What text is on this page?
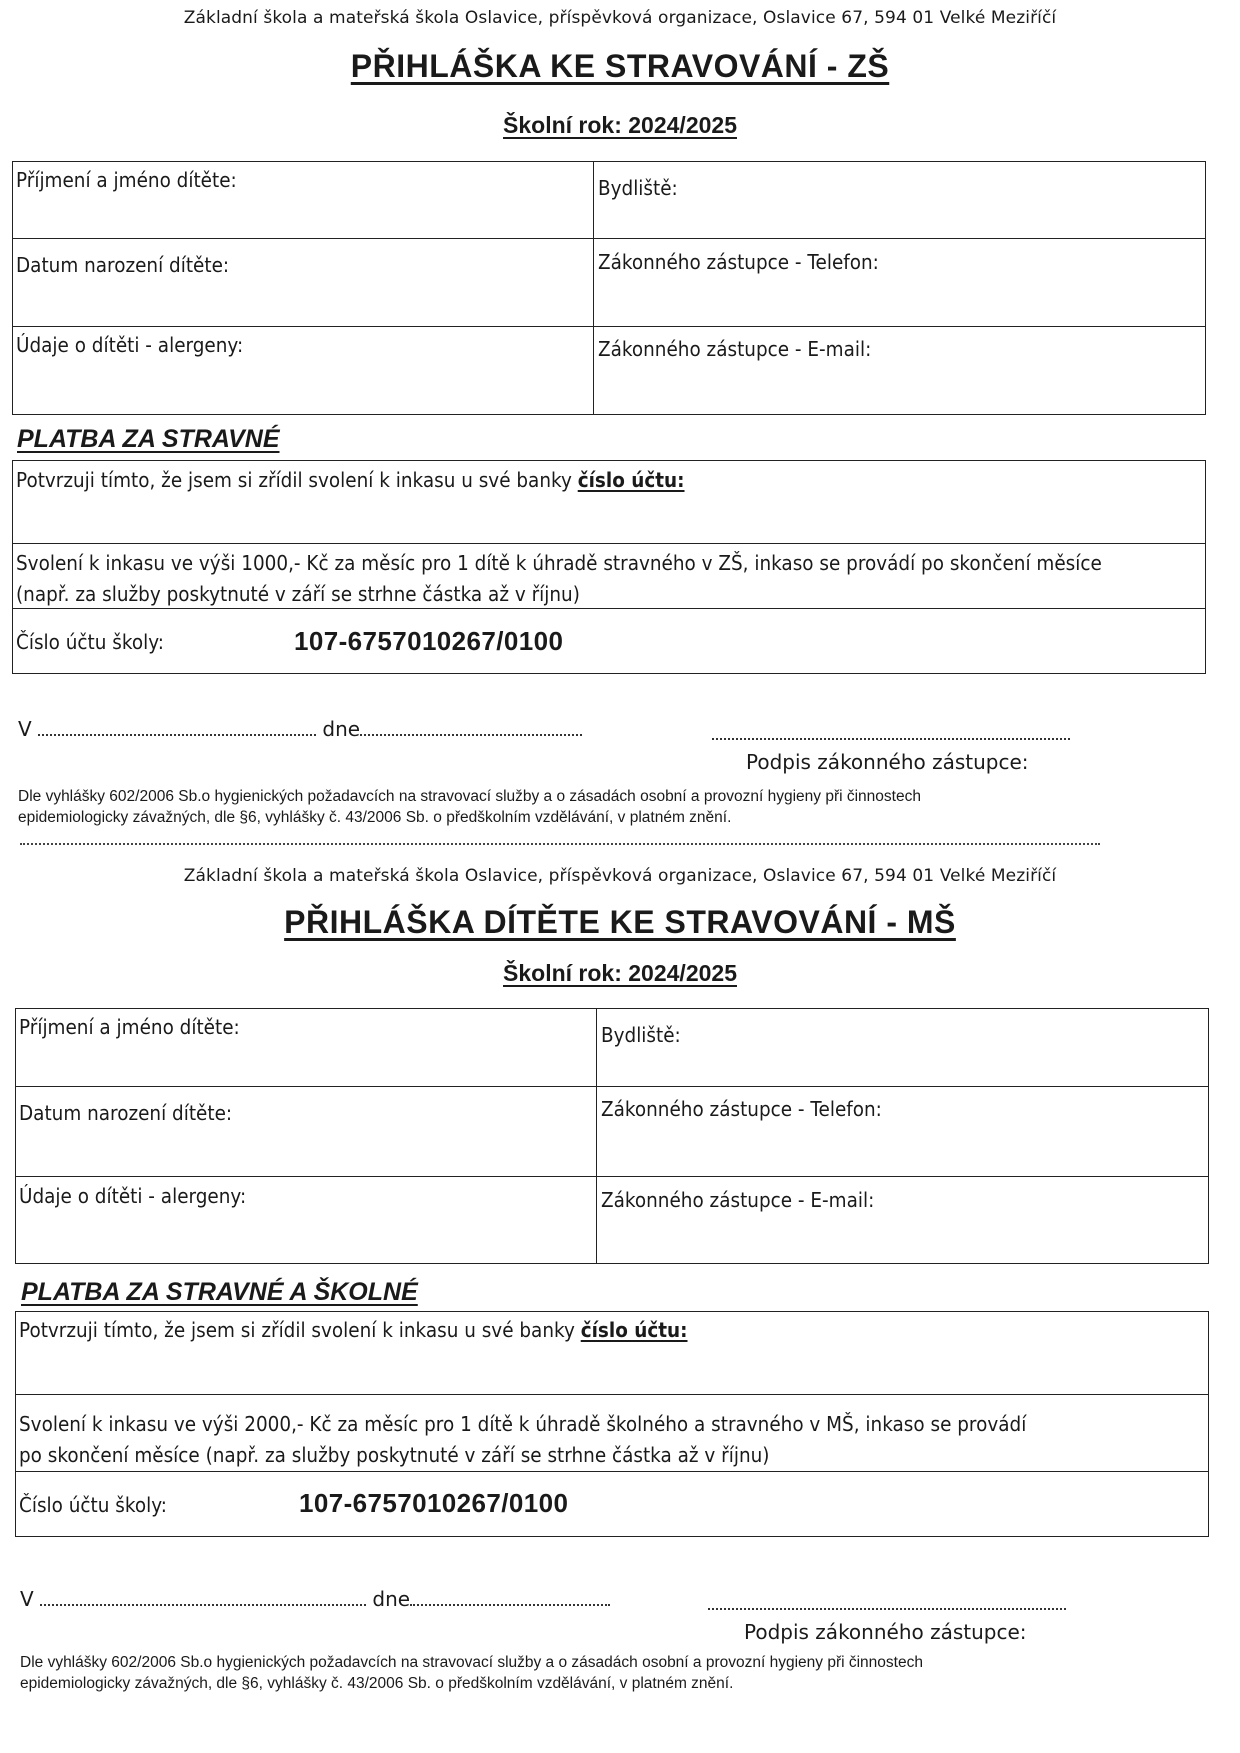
Základní škola a mateřská škola Oslavice, příspěvková organizace, Oslavice 67, 594 01 Velké Meziříčí
PŘIHLÁŠKA KE STRAVOVÁNÍ - ZŠ
Školní rok: 2024/2025
Příjmení a jméno dítěte:	Bydliště:
Datum narození dítěte:	Zákonného zástupce - Telefon:
Údaje o dítěti - alergeny:	Zákonného zástupce - E-mail:
PLATBA ZA STRAVNÉ
Potvrzuji tímto, že jsem si zřídil svolení k inkasu u své banky číslo účtu:
Svolení k inkasu ve výši 1000,- Kč za měsíc pro 1 dítě k úhradě stravného v ZŠ, inkaso se provádí po skončení měsíce
(např. za služby poskytnuté v září se strhne částka až v říjnu)
Číslo účtu školy:	107-6757010267/0100
V	dne
Podpis zákonného zástupce:
Dle vyhlášky 602/2006 Sb.o hygienických požadavcích na stravovací služby a o zásadách osobní a provozní hygieny při činnostech
epidemiologicky závažných, dle §6, vyhlášky č. 43/2006 Sb. o předškolním vzdělávání, v platném znění.
Základní škola a mateřská škola Oslavice, příspěvková organizace, Oslavice 67, 594 01 Velké Meziříčí
PŘIHLÁŠKA DÍTĚTE KE STRAVOVÁNÍ - MŠ
Školní rok: 2024/2025
Příjmení a jméno dítěte:	Bydliště:
Datum narození dítěte:	Zákonného zástupce - Telefon:
Údaje o dítěti - alergeny:	Zákonného zástupce - E-mail:
PLATBA ZA STRAVNÉ A ŠKOLNÉ
Potvrzuji tímto, že jsem si zřídil svolení k inkasu u své banky číslo účtu:
Svolení k inkasu ve výši 2000,- Kč za měsíc pro 1 dítě k úhradě školného a stravného v MŠ, inkaso se provádí
po skončení měsíce (např. za služby poskytnuté v září se strhne částka až v říjnu)
Číslo účtu školy:	107-6757010267/0100
V	dne
Podpis zákonného zástupce:
Dle vyhlášky 602/2006 Sb.o hygienických požadavcích na stravovací služby a o zásadách osobní a provozní hygieny při činnostech
epidemiologicky závažných, dle §6, vyhlášky č. 43/2006 Sb. o předškolním vzdělávání, v platném znění.
